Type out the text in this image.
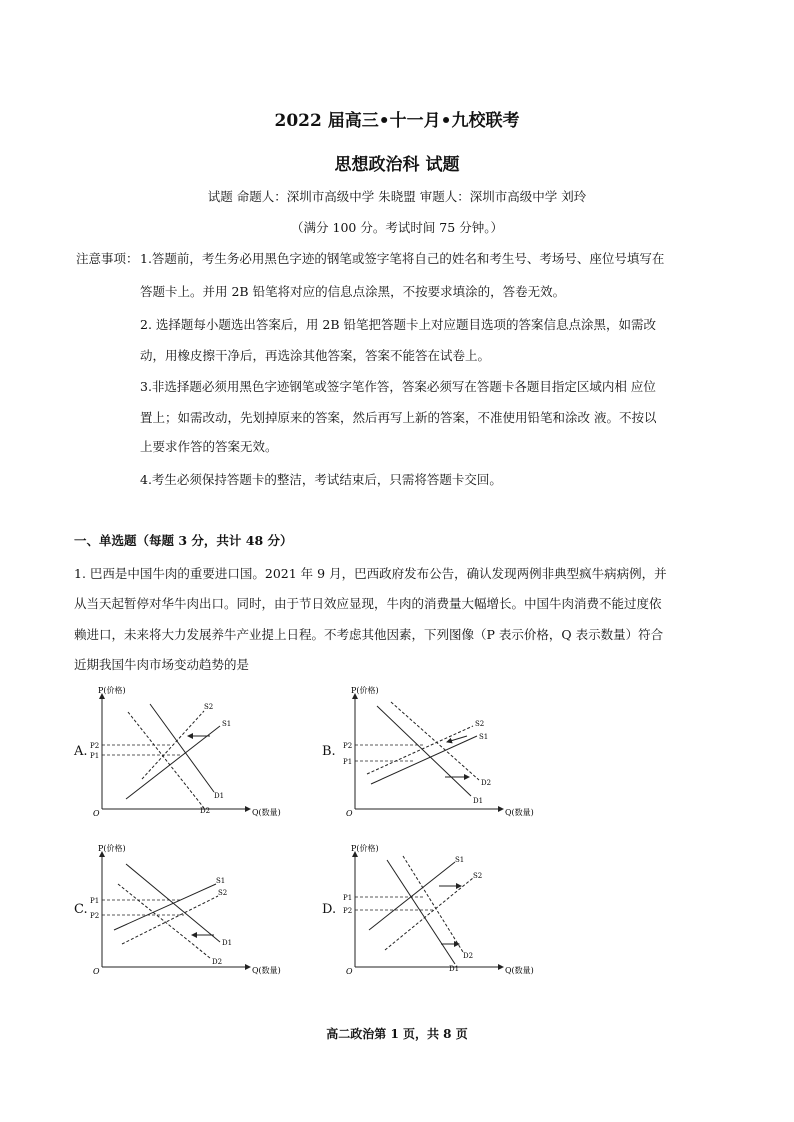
2022 届高三•十一月•九校联考
思想政治科 试题
试题 命题人：深圳市高级中学 朱晓盟 审题人：深圳市高级中学 刘玲
（满分 100 分。考试时间 75 分钟。）
注意事项： 1.答题前，考生务必用黑色字迹的钢笔或签字笔将自己的姓名和考生号、考场号、座位号填写在
答题卡上。并用 2B 铅笔将对应的信息点涂黑，不按要求填涂的，答卷无效。
2. 选择题每小题选出答案后，用 2B 铅笔把答题卡上对应题目选项的答案信息点涂黑，如需改
动，用橡皮擦干净后，再选涂其他答案，答案不能答在试卷上。
3.非选择题必须用黑色字迹钢笔或签字笔作答，答案必须写在答题卡各题目指定区域内相 应位
置上；如需改动，先划掉原来的答案，然后再写上新的答案，不准使用铅笔和涂改 液。不按以
上要求作答的答案无效。
4.考生必须保持答题卡的整洁，考试结束后，只需将答题卡交回。
一、单选题（每题 3 分，共计 48 分）
1. 巴西是中国牛肉的重要进口国。2021 年 9 月，巴西政府发布公告，确认发现两例非典型疯牛病病例，并
从当天起暂停对华牛肉出口。同时，由于节日效应显现，牛肉的消费量大幅增长。中国牛肉消费不能过度依
赖进口，未来将大力发展养牛产业提上日程。不考虑其他因素，下列图像（P 表示价格，Q 表示数量）符合
近期我国牛肉市场变动趋势的是
A.	B.
C.	D.
P(价格)
Q(数量)
O
P2
P1
S2
S1
D1
D2
P(价格)
Q(数量)
O
P2
P1
S2
S1
D2
D1
P(价格)
Q(数量)
O
P1
P2
S1
S2
D1
D2
P(价格)
Q(数量)
O
P1
P2
S1
S2
D2
D1
高二政治第 1 页，共 8 页
